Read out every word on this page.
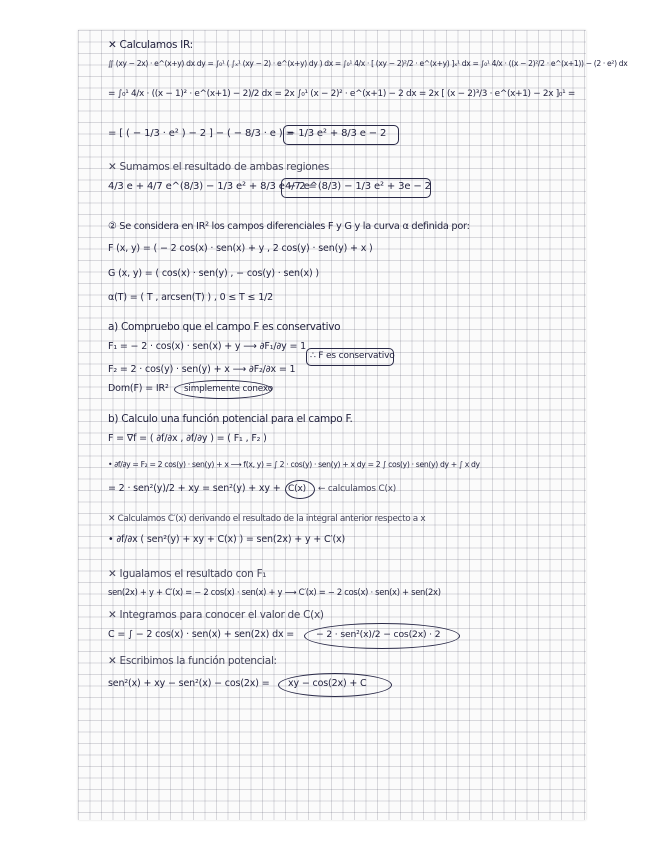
✕ Calculamos IR:
∬ (xy − 2x) · e^(x+y) dx dy = ∫₀¹ ( ∫ₓ¹ (xy − 2) · e^(x+y) dy ) dx = ∫₀¹ 4/x · [ (xy − 2)²/2 · e^(x+y) ]ₓ¹ dx = ∫₀¹ 4/x · ((x − 2)²/2 · e^(x+1)) − (2 · e²) dx
= ∫₀¹ 4/x · ((x − 1)² · e^(x+1) − 2)/2 dx = 2x ∫₀¹ (x − 2)² · e^(x+1) − 2 dx = 2x [ (x − 2)³/3 · e^(x+1) − 2x ]₀¹ =
= [ ( − 1/3 · e² ) − 2 ] − ( − 8/3 · e ) =
− 1/3 e² + 8/3 e − 2
✕ Sumamos el resultado de ambas regiones
4/3 e + 4/7 e^(8/3) − 1/3 e² + 8/3 e − 2 =
4/7 e^(8/3) − 1/3 e² + 3e − 2
② Se considera en IR² los campos diferenciales F y G y la curva α definida por:
F (x, y) = ( − 2 cos(x) · sen(x) + y , 2 cos(y) · sen(y) + x )
G (x, y) = ( cos(x) · sen(y) , − cos(y) · sen(x) )
α(T) = ( T , arcsen(T) ) , 0 ≤ T ≤ 1/2
a) Compruebo que el campo F es conservativo
F₁ = − 2 · cos(x) · sen(x) + y ⟶ ∂F₁/∂y = 1
F₂ = 2 · cos(y) · sen(y) + x ⟶ ∂F₂/∂x = 1
∴ F es conservativo
Dom(F) = IR² simplemente conexo
b) Calculo una función potencial para el campo F.
F = ∇f = ( ∂f/∂x , ∂f/∂y ) = ( F₁ , F₂ )
• ∂f/∂y = F₂ = 2 cos(y) · sen(y) + x ⟶ f(x, y) = ∫ 2 · cos(y) · sen(y) + x dy = 2 ∫ cos(y) · sen(y) dy + ∫ x dy
= 2 · sen²(y)/2 + xy = sen²(y) + xy + C(x) ← calculamos C(x)
✕ Calculamos C′(x) derivando el resultado de la integral anterior respecto a x
• ∂f/∂x ( sen²(y) + xy + C(x) ) = sen(2x) + y + C′(x)
✕ Igualamos el resultado con F₁
sen(2x) + y + C′(x) = − 2 cos(x) · sen(x) + y ⟶ C′(x) = − 2 cos(x) · sen(x) + sen(2x)
✕ Integramos para conocer el valor de C(x)
C = ∫ − 2 cos(x) · sen(x) + sen(2x) dx = − 2 · sen²(x)/2 − cos(2x) · 2
✕ Escribimos la función potencial:
sen²(x) + xy − sen²(x) − cos(2x) = xy − cos(2x) + C
